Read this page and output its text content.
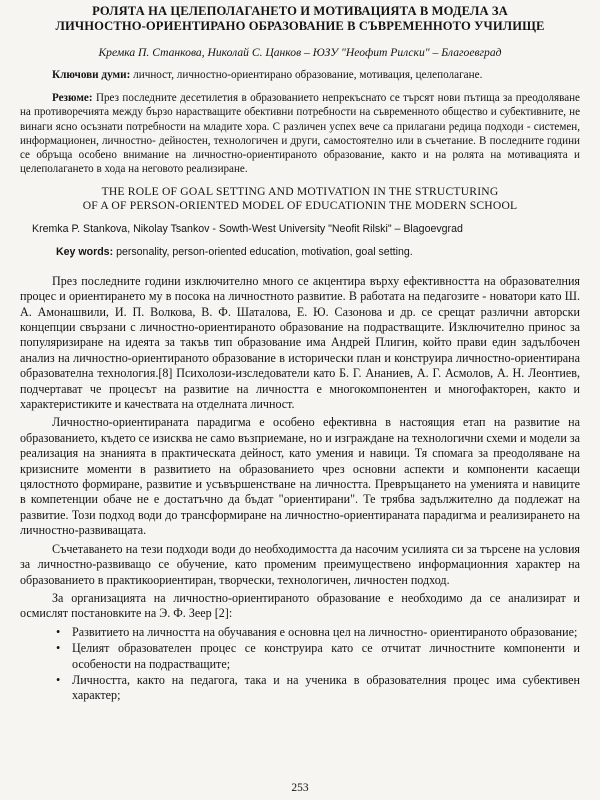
РОЛЯТА НА ЦЕЛЕПОЛАГАНЕТО И МОТИВАЦИЯТА В МОДЕЛА ЗА
ЛИЧНОСТНО-ОРИЕНТИРАНО ОБРАЗОВАНИЕ В СЪВРЕМЕННОТО УЧИЛИЩЕ
Кремка П. Станкова, Николай С. Цанков – ЮЗУ "Неофит Рилски" – Благоевград
Ключови думи: личност, личностно-ориентирано образование, мотивация, целеполагане.
Резюме: През последните десетилетия в образованието непрекъснато се търсят нови пътища за преодоляване на противоречията между бързо нарастващите обективни потребности на съвременното общество и субективните, не винаги ясно осъзнати потребности на младите хора. С различен успех вече са прилагани редица подходи - системен, информационен, личностно- дейностен, технологичен и други, самостоятелно или в съчетание. В последните години се обръща особено внимание на личностно-ориентираното образование, както и на ролята на мотивацията и целеполагането в хода на неговото реализиране.
THE ROLE OF GOAL SETTING AND MOTIVATION IN THE STRUCTURING
OF A OF PERSON-ORIENTED MODEL OF EDUCATIONIN THE MODERN SCHOOL
Kremka P. Stankova, Nikolay Tsankov - Sowth-West University "Neofit Rilski" – Blagoevgrad
Key words: personality, person-oriented education, motivation, goal setting.

През последните години изключително много се акцентира върху ефективността на образователния процес и ориентирането му в посока на личностното развитие. В работата на педагозите - новатори като Ш. А. Амонашвили, И. П. Волкова, В. Ф. Шаталова, Е. Ю. Сазонова и др. се срещат различни авторски концепции свързани с личностно-ориентираното образование на подрастващите. Изключително принос за популяризиране на идеята за такъв тип образование има Андрей Плигин, който прави един задълбочен анализ на личностно-ориентираното образование в исторически план и конструира личностно-ориентирана образователна технология.[8] Психолози-изследователи като Б. Г. Ананиев, А. Г. Асмолов, А. Н. Леонтиев, подчертават че процесът на развитие на личността е многокомпонентен и многофакторен, както и характеристиките и качествата на отделната личност.

Личностно-ориентираната парадигма е особено ефективна в настоящия етап на развитие на образованието, където се изисква не само възприемане, но и изграждане на технологични схеми и модели за реализация на знанията в практическата дейност, като умения и навици. Тя спомага за преодоляване на кризисните моменти в развитието на образованието чрез основни аспекти и компоненти касаещи цялостното формиране, развитие и усъвършенстване на личността. Превръщането на уменията и навиците в компетенции обаче не е достатъчно да бъдат "ориентирани". Те трябва задължително да подлежат на развитие. Този подход води до трансформиране на личностно-ориентираната парадигма и реализирането на личностно-развиващата.

Съчетаването на тези подходи води до необходимостта да насочим усилията си за търсене на условия за личностно-развиващо се обучение, като променим преимуществено информационния характер на образованието в практикоориентиран, творчески, технологичен, личностен подход.

За организацията на личностно-ориентираното образование е необходимо да се анализират и осмислят постановките на Э. Ф. Зеер [2]:

• Развитието на личността на обучавания е основна цел на личностно- ориентираното образование;
• Целият образователен процес се конструира като се отчитат личностните компоненти и особености на подрастващите;
• Личността, както на педагога, така и на ученика в образователния процес има субективен характер;
253
